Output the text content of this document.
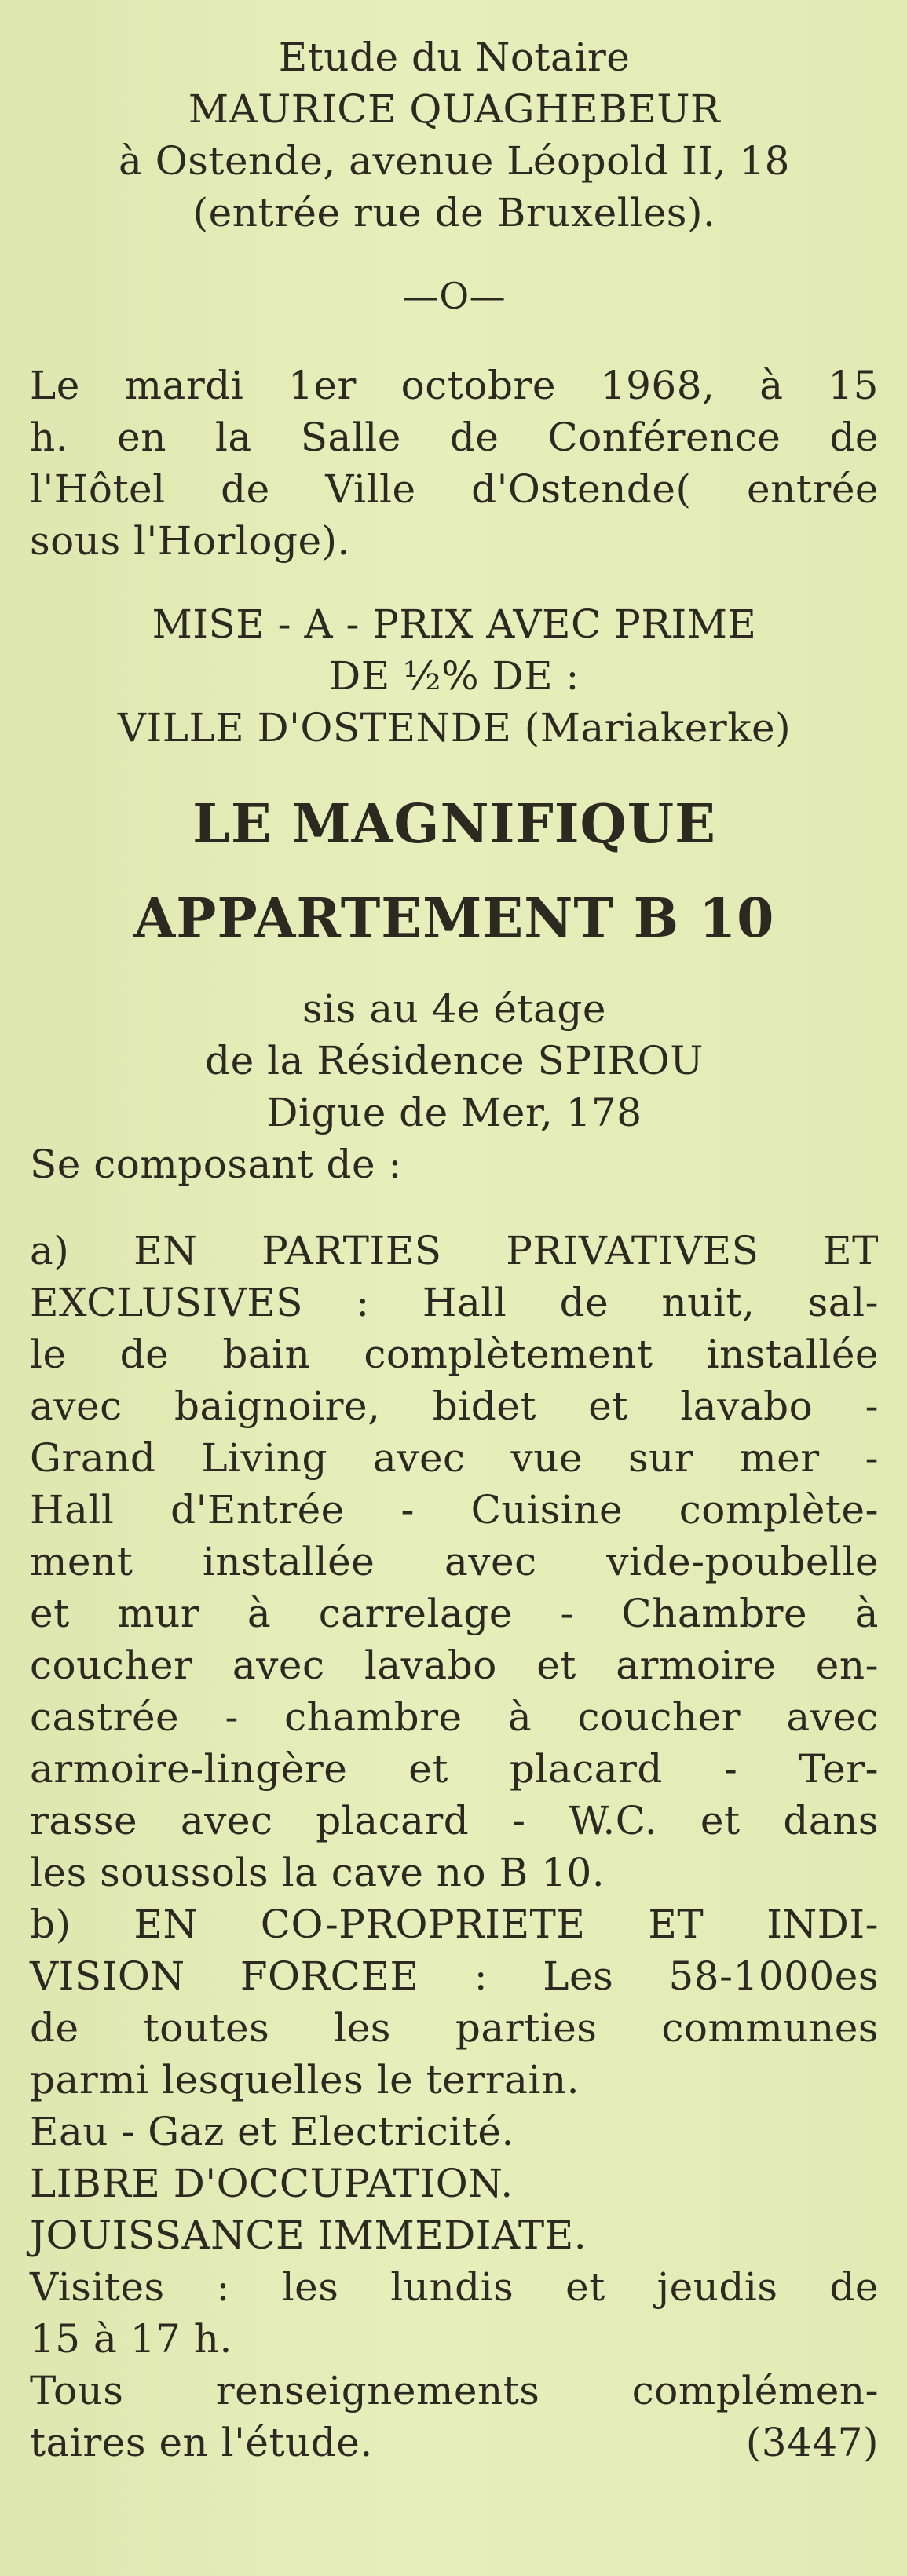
Etude du Notaire
MAURICE QUAGHEBEUR
à Ostende, avenue Léopold II, 18
(entrée rue de Bruxelles).
—O—
Le mardi 1er octobre 1968, à 15
h. en la Salle de Conférence de
l'Hôtel de Ville d'Ostende( entrée
sous l'Horloge).
MISE - A - PRIX AVEC PRIME
DE ½% DE :
VILLE D'OSTENDE (Mariakerke)
LE MAGNIFIQUE
APPARTEMENT B 10
sis au 4e étage
de la Résidence SPIROU
Digue de Mer, 178
Se composant de :
a) EN PARTIES PRIVATIVES ET
EXCLUSIVES : Hall de nuit, sal-
le de bain complètement installée
avec baignoire, bidet et lavabo -
Grand Living avec vue sur mer -
Hall d'Entrée - Cuisine complète-
ment installée avec vide-poubelle
et mur à carrelage - Chambre à
coucher avec lavabo et armoire en-
castrée - chambre à coucher avec
armoire-lingère et placard - Ter-
rasse avec placard - W.C. et dans
les soussols la cave no B 10.
b) EN CO-PROPRIETE ET INDI-
VISION FORCEE : Les 58-1000es
de toutes les parties communes
parmi lesquelles le terrain.
Eau - Gaz et Electricité.
LIBRE D'OCCUPATION.
JOUISSANCE IMMEDIATE.
Visites : les lundis et jeudis de
15 à 17 h.
Tous renseignements complémen-
taires en l'étude.	(3447)
